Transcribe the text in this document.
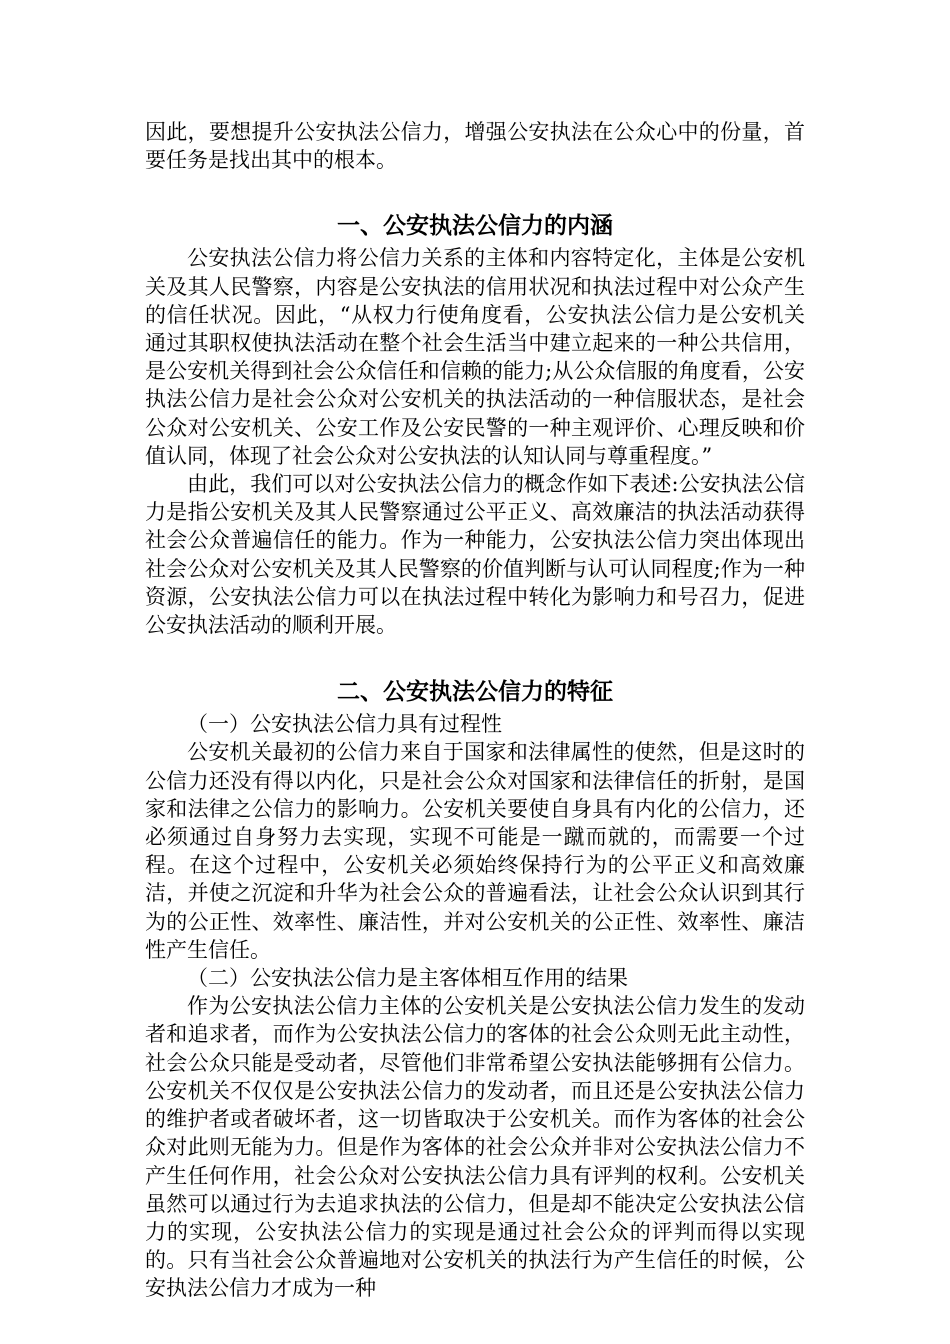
因此，要想提升公安执法公信力，增强公安执法在公众心中的份量，首要任务是找出其中的根本。

一、公安执法公信力的内涵

公安执法公信力将公信力关系的主体和内容特定化，主体是公安机关及其人民警察，内容是公安执法的信用状况和执法过程中对公众产生的信任状况。因此，“从权力行使角度看，公安执法公信力是公安机关通过其职权使执法活动在整个社会生活当中建立起来的一种公共信用，是公安机关得到社会公众信任和信赖的能力;从公众信服的角度看，公安执法公信力是社会公众对公安机关的执法活动的一种信服状态，是社会公众对公安机关、公安工作及公安民警的一种主观评价、心理反映和价值认同，体现了社会公众对公安执法的认知认同与尊重程度。”

由此，我们可以对公安执法公信力的概念作如下表述:公安执法公信力是指公安机关及其人民警察通过公平正义、高效廉洁的执法活动获得社会公众普遍信任的能力。作为一种能力，公安执法公信力突出体现出社会公众对公安机关及其人民警察的价值判断与认可认同程度;作为一种资源，公安执法公信力可以在执法过程中转化为影响力和号召力，促进公安执法活动的顺利开展。

二、公安执法公信力的特征

（一）公安执法公信力具有过程性

公安机关最初的公信力来自于国家和法律属性的使然，但是这时的公信力还没有得以内化，只是社会公众对国家和法律信任的折射，是国家和法律之公信力的影响力。公安机关要使自身具有内化的公信力，还必须通过自身努力去实现，实现不可能是一蹴而就的，而需要一个过程。在这个过程中，公安机关必须始终保持行为的公平正义和高效廉洁，并使之沉淀和升华为社会公众的普遍看法，让社会公众认识到其行为的公正性、效率性、廉洁性，并对公安机关的公正性、效率性、廉洁性产生信任。

（二）公安执法公信力是主客体相互作用的结果

作为公安执法公信力主体的公安机关是公安执法公信力发生的发动者和追求者，而作为公安执法公信力的客体的社会公众则无此主动性，社会公众只能是受动者，尽管他们非常希望公安执法能够拥有公信力。公安机关不仅仅是公安执法公信力的发动者，而且还是公安执法公信力的维护者或者破坏者，这一切皆取决于公安机关。而作为客体的社会公众对此则无能为力。但是作为客体的社会公众并非对公安执法公信力不产生任何作用，社会公众对公安执法公信力具有评判的权利。公安机关虽然可以通过行为去追求执法的公信力，但是却不能决定公安执法公信力的实现，公安执法公信力的实现是通过社会公众的评判而得以实现的。只有当社会公众普遍地对公安机关的执法行为产生信任的时候，公安执法公信力才成为一种
